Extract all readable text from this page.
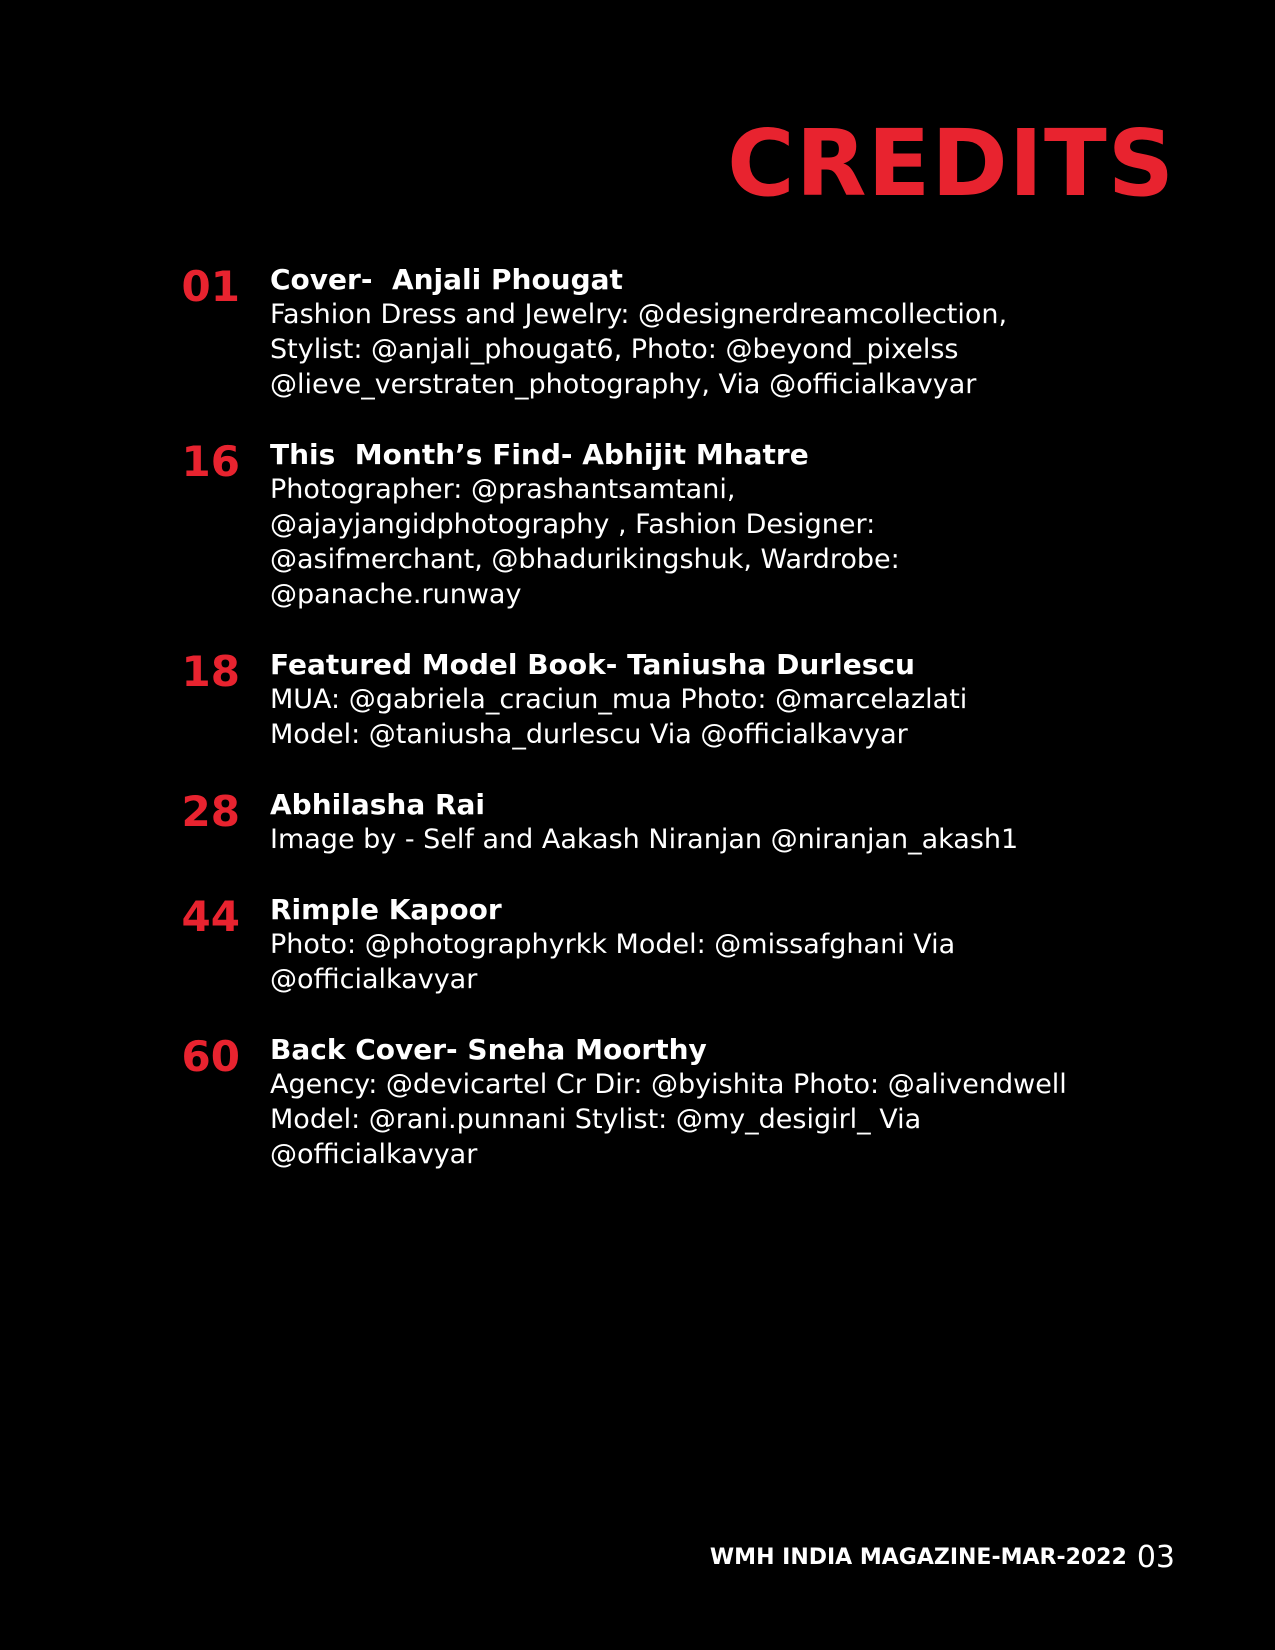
CREDITS
01 Cover-  Anjali Phougat
Fashion Dress and Jewelry: @designerdreamcollection,
Stylist: @anjali_phougat6, Photo: @beyond_pixelss
@lieve_verstraten_photography, Via @officialkavyar
16 This  Month’s Find- Abhijit Mhatre
Photographer: @prashantsamtani,
@ajayjangidphotography , Fashion Designer:
@asifmerchant, @bhadurikingshuk, Wardrobe:
@panache.runway
18 Featured Model Book- Taniusha Durlescu
MUA: @gabriela_craciun_mua Photo: @marcelazlati
Model: @taniusha_durlescu Via @officialkavyar
28 Abhilasha Rai
Image by - Self and Aakash Niranjan @niranjan_akash1
44 Rimple Kapoor
Photo: @photographyrkk Model: @missafghani Via
@officialkavyar
60 Back Cover- Sneha Moorthy
Agency: @devicartel Cr Dir: @byishita Photo: @alivendwell
Model: @rani.punnani Stylist: @my_desigirl_ Via
@officialkavyar
WMH INDIA MAGAZINE-MAR-2022 03
